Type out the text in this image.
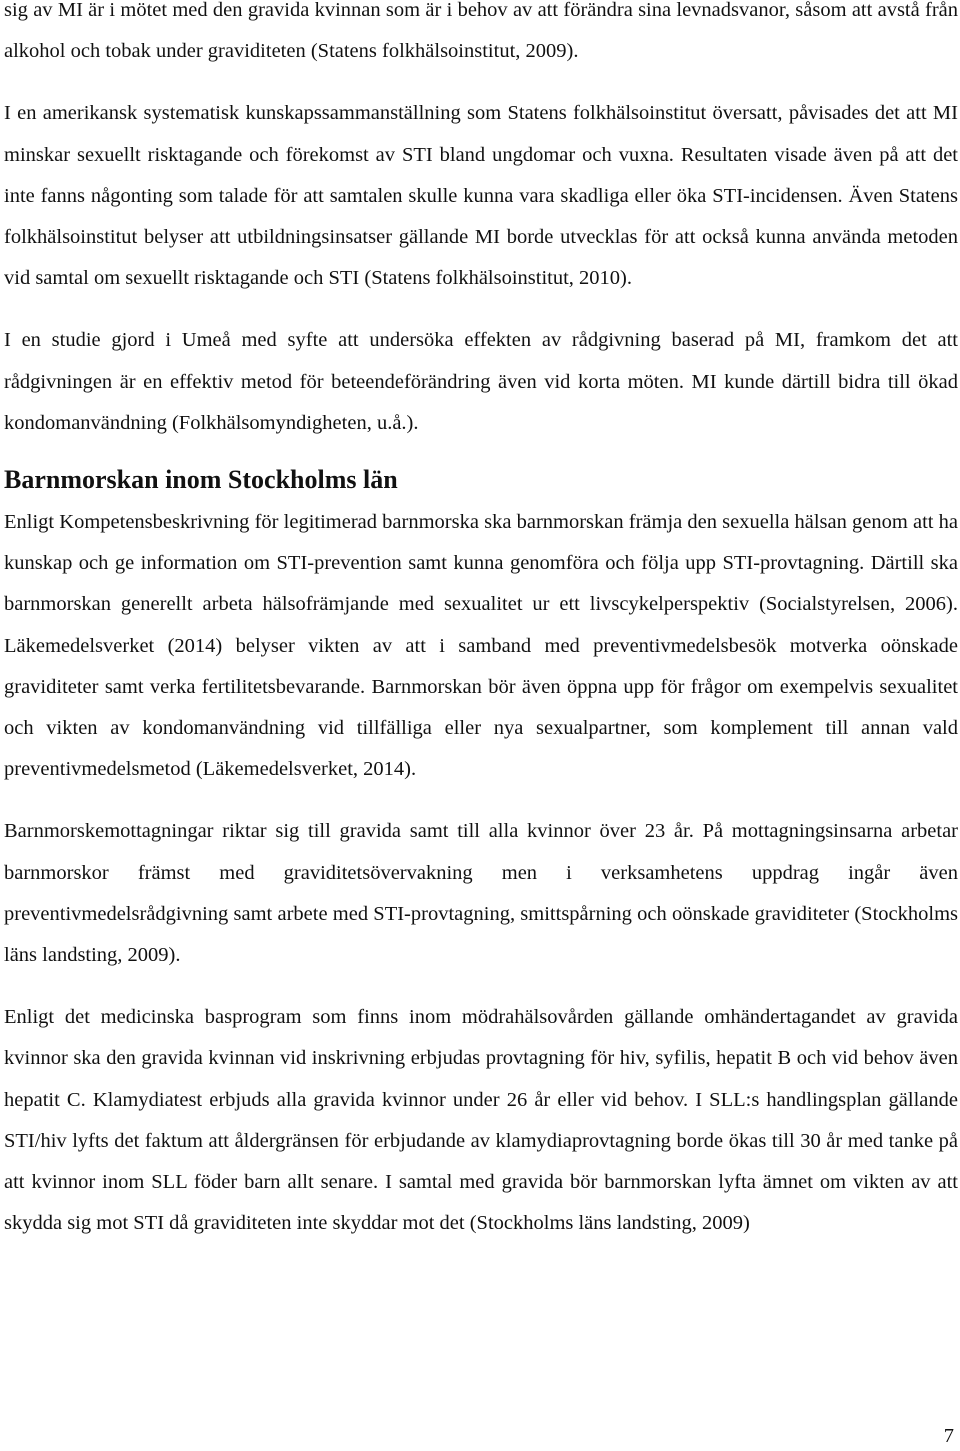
sig av MI är i mötet med den gravida kvinnan som är i behov av att förändra sina levnadsvanor, såsom att avstå från alkohol och tobak under graviditeten (Statens folkhälsoinstitut, 2009).

I en amerikansk systematisk kunskapssammanställning som Statens folkhälsoinstitut översatt, påvisades det att MI minskar sexuellt risktagande och förekomst av STI bland ungdomar och vuxna. Resultaten visade även på att det inte fanns någonting som talade för att samtalen skulle kunna vara skadliga eller öka STI-incidensen. Även Statens folkhälsoinstitut belyser att utbildningsinsatser gällande MI borde utvecklas för att också kunna använda metoden vid samtal om sexuellt risktagande och STI (Statens folkhälsoinstitut, 2010).

I en studie gjord i Umeå med syfte att undersöka effekten av rådgivning baserad på MI, framkom det att rådgivningen är en effektiv metod för beteendeförändring även vid korta möten. MI kunde därtill bidra till ökad kondomanvändning (Folkhälsomyndigheten, u.å.).

Barnmorskan inom Stockholms län

Enligt Kompetensbeskrivning för legitimerad barnmorska ska barnmorskan främja den sexuella hälsan genom att ha kunskap och ge information om STI-prevention samt kunna genomföra och följa upp STI-provtagning. Därtill ska barnmorskan generellt arbeta hälsofrämjande med sexualitet ur ett livscykelperspektiv (Socialstyrelsen, 2006). Läkemedelsverket (2014) belyser vikten av att i samband med preventivmedelsbesök motverka oönskade graviditeter samt verka fertilitetsbevarande. Barnmorskan bör även öppna upp för frågor om exempelvis sexualitet och vikten av kondomanvändning vid tillfälliga eller nya sexualpartner, som komplement till annan vald preventivmedelsmetod (Läkemedelsverket, 2014).

Barnmorskemottagningar riktar sig till gravida samt till alla kvinnor över 23 år. På mottagningsinsarna arbetar barnmorskor främst med graviditetsövervakning men i verksamhetens uppdrag ingår även preventivmedelsrådgivning samt arbete med STI-provtagning, smittspårning och oönskade graviditeter (Stockholms läns landsting, 2009).

Enligt det medicinska basprogram som finns inom mödrahälsovården gällande omhändertagandet av gravida kvinnor ska den gravida kvinnan vid inskrivning erbjudas provtagning för hiv, syfilis, hepatit B och vid behov även hepatit C. Klamydiatest erbjuds alla gravida kvinnor under 26 år eller vid behov. I SLL:s handlingsplan gällande STI/hiv lyfts det faktum att åldergränsen för erbjudande av klamydiaprovtagning borde ökas till 30 år med tanke på att kvinnor inom SLL föder barn allt senare. I samtal med gravida bör barnmorskan lyfta ämnet om vikten av att skydda sig mot STI då graviditeten inte skyddar mot det (Stockholms läns landsting, 2009)

7
